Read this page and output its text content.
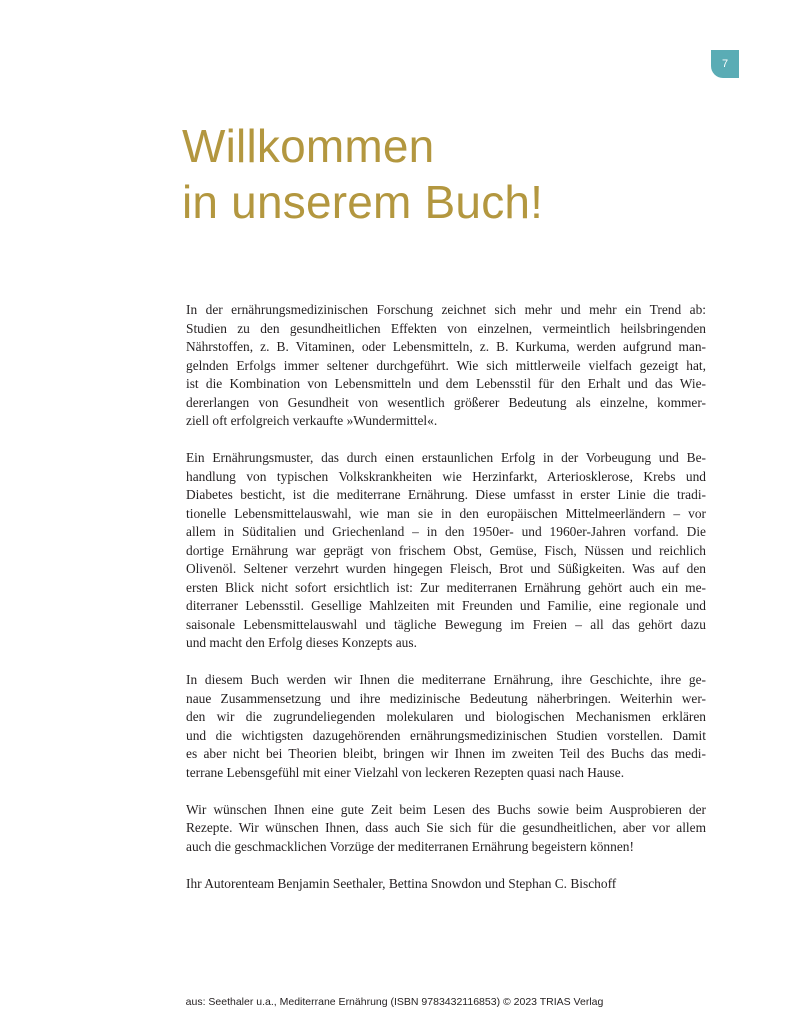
7
Willkommen
in unserem Buch!

In der ernährungsmedizinischen Forschung zeichnet sich mehr und mehr ein Trend ab:
Studien zu den gesundheitlichen Effekten von einzelnen, vermeintlich heilsbringenden
Nährstoffen, z. B. Vitaminen, oder Lebensmitteln, z. B. Kurkuma, werden aufgrund man-
gelnden Erfolgs immer seltener durchgeführt. Wie sich mittlerweile vielfach gezeigt hat,
ist die Kombination von Lebensmitteln und dem Lebensstil für den Erhalt und das Wie-
dererlangen von Gesundheit von wesentlich größerer Bedeutung als einzelne, kommer-
ziell oft erfolgreich verkaufte »Wundermittel«.

Ein Ernährungsmuster, das durch einen erstaunlichen Erfolg in der Vorbeugung und Be-
handlung von typischen Volkskrankheiten wie Herzinfarkt, Arteriosklerose, Krebs und
Diabetes besticht, ist die mediterrane Ernährung. Diese umfasst in erster Linie die tradi-
tionelle Lebensmittelauswahl, wie man sie in den europäischen Mittelmeerländern – vor
allem in Süditalien und Griechenland – in den 1950er- und 1960er-Jahren vorfand. Die
dortige Ernährung war geprägt von frischem Obst, Gemüse, Fisch, Nüssen und reichlich
Olivenöl. Seltener verzehrt wurden hingegen Fleisch, Brot und Süßigkeiten. Was auf den
ersten Blick nicht sofort ersichtlich ist: Zur mediterranen Ernährung gehört auch ein me-
diterraner Lebensstil. Gesellige Mahlzeiten mit Freunden und Familie, eine regionale und
saisonale Lebensmittelauswahl und tägliche Bewegung im Freien – all das gehört dazu
und macht den Erfolg dieses Konzepts aus.

In diesem Buch werden wir Ihnen die mediterrane Ernährung, ihre Geschichte, ihre ge-
naue Zusammensetzung und ihre medizinische Bedeutung näherbringen. Weiterhin wer-
den wir die zugrundeliegenden molekularen und biologischen Mechanismen erklären
und die wichtigsten dazugehörenden ernährungsmedizinischen Studien vorstellen. Damit
es aber nicht bei Theorien bleibt, bringen wir Ihnen im zweiten Teil des Buchs das medi-
terrane Lebensgefühl mit einer Vielzahl von leckeren Rezepten quasi nach Hause.

Wir wünschen Ihnen eine gute Zeit beim Lesen des Buchs sowie beim Ausprobieren der
Rezepte. Wir wünschen Ihnen, dass auch Sie sich für die gesundheitlichen, aber vor allem
auch die geschmacklichen Vorzüge der mediterranen Ernährung begeistern können!

Ihr Autorenteam Benjamin Seethaler, Bettina Snowdon und Stephan C. Bischoff

aus: Seethaler u.a., Mediterrane Ernährung (ISBN 9783432116853) © 2023 TRIAS Verlag
